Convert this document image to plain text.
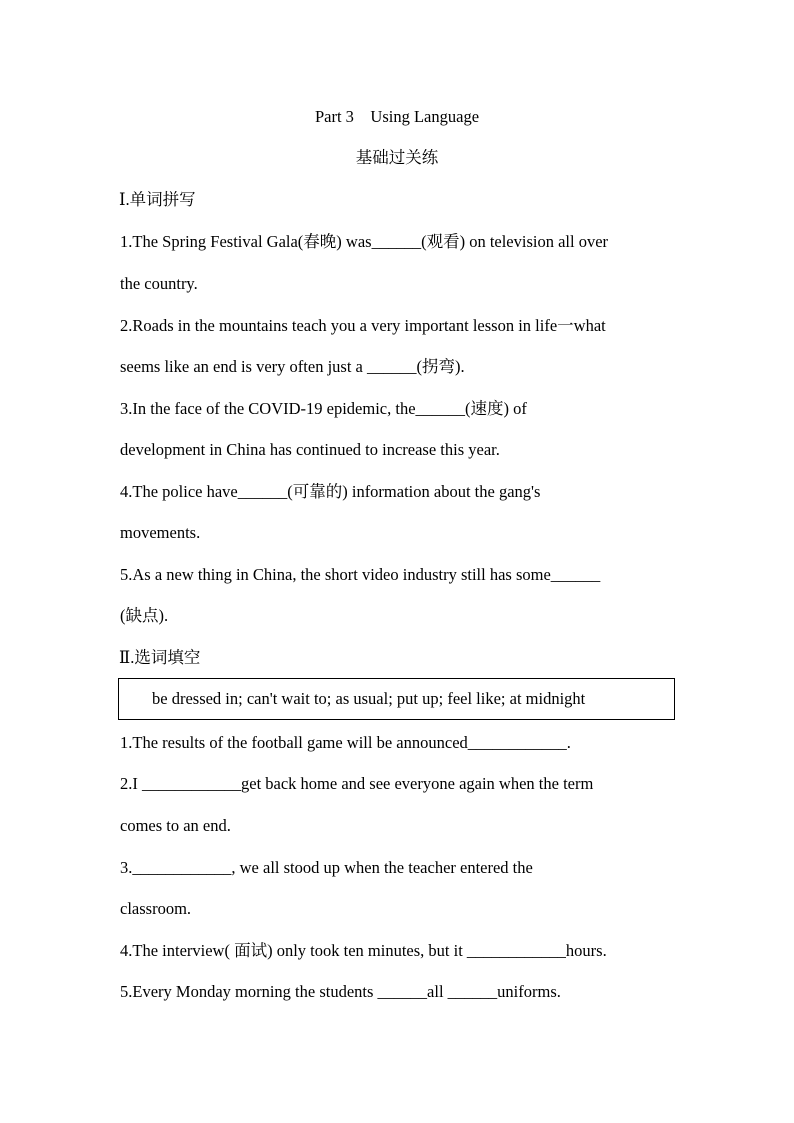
Part 3　Using Language
基础过关练
Ⅰ.单词拼写
1.The Spring Festival Gala(春晚) was______(观看) on television all over
the country.
2.Roads in the mountains teach you a very important lesson in life一what
seems like an end is very often just a ______(拐弯).
3.In the face of the COVID-19 epidemic, the______(速度) of
development in China has continued to increase this year.
4.The police have______(可靠的) information about the gang's
movements.
5.As a new thing in China, the short video industry still has some______
(缺点).
Ⅱ.选词填空
be dressed in; can't wait to; as usual; put up; feel like; at midnight
1.The results of the football game will be announced____________.
2.I ____________get back home and see everyone again when the term
comes to an end.
3.____________, we all stood up when the teacher entered the
classroom.
4.The interview( 面试) only took ten minutes, but it ____________hours.
5.Every Monday morning the students ______all ______uniforms.
